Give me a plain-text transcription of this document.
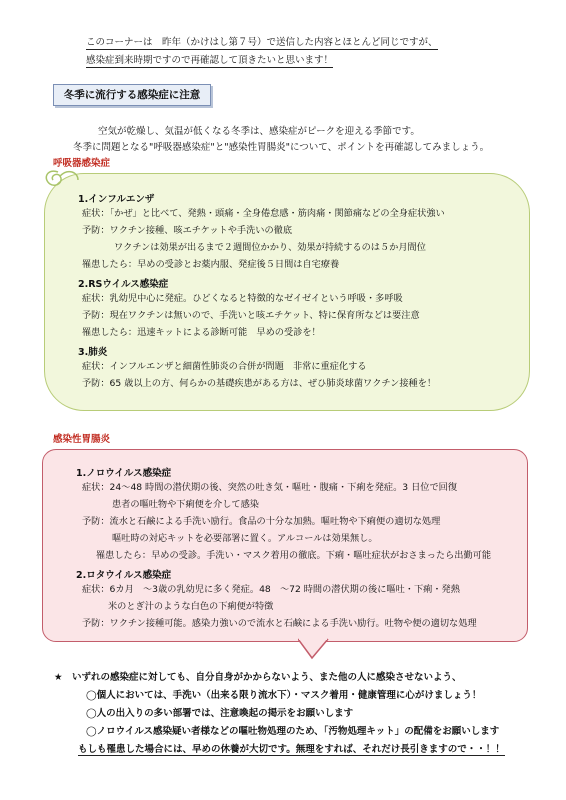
このコーナーは　昨年（かけはし第７号）で送信した内容とほとんど同じですが、
感染症到来時期ですので再確認して頂きたいと思います！
冬季に流行する感染症に注意
空気が乾燥し、気温が低くなる冬季は、感染症がピークを迎える季節です。
冬季に問題となる"呼吸器感染症"と"感染性胃腸炎"について、ポイントを再確認してみましょう。
呼吸器感染症
1.インフルエンザ
症状：「かぜ」と比べて、発熱・頭痛・全身倦怠感・筋肉痛・関節痛などの全身症状強い
予防：ワクチン接種、咳エチケットや手洗いの徹底
ワクチンは効果が出るまで２週間位かかり、効果が持続するのは５か月間位
罹患したら：早めの受診とお薬内服、発症後５日間は自宅療養
2.RSウイルス感染症
症状：乳幼児中心に発症。ひどくなると特徴的なゼイゼイという呼吸・多呼吸
予防：現在ワクチンは無いので、手洗いと咳エチケット、特に保育所などは要注意
罹患したら：迅速キットによる診断可能　早めの受診を！
3.肺炎
症状：インフルエンザと細菌性肺炎の合併が問題　非常に重症化する
予防：65 歳以上の方、何らかの基礎疾患がある方は、ぜひ肺炎球菌ワクチン接種を！
感染性胃腸炎
1.ノロウイルス感染症
症状：24～48 時間の潜伏期の後、突然の吐き気・嘔吐・腹痛・下痢を発症。3 日位で回復
患者の嘔吐物や下痢便を介して感染
予防：流水と石鹸による手洗い励行。食品の十分な加熱。嘔吐物や下痢便の適切な処理
嘔吐時の対応キットを必要部署に置く。アルコールは効果無し。
罹患したら：早めの受診。手洗い・マスク着用の徹底。下痢・嘔吐症状がおさまったら出勤可能
2.ロタウイルス感染症
症状：6カ月　～3歳の乳幼児に多く発症。48　～72 時間の潜伏期の後に嘔吐・下痢・発熱
米のとぎ汁のような白色の下痢便が特徴
予防：ワクチン接種可能。感染力強いので流水と石鹸による手洗い励行。吐物や便の適切な処理
★　いずれの感染症に対しても、自分自身がかからないよう、また他の人に感染させないよう、
◯個人においては、手洗い（出来る限り流水下）・マスク着用・健康管理に心がけましょう！
◯人の出入りの多い部署では、注意喚起の掲示をお願いします
◯ノロウイルス感染疑い者様などの嘔吐物処理のため、「汚物処理キット」の配備をお願いします
もしも罹患した場合には、早めの休養が大切です。無理をすれば、それだけ長引きますので・・！！
